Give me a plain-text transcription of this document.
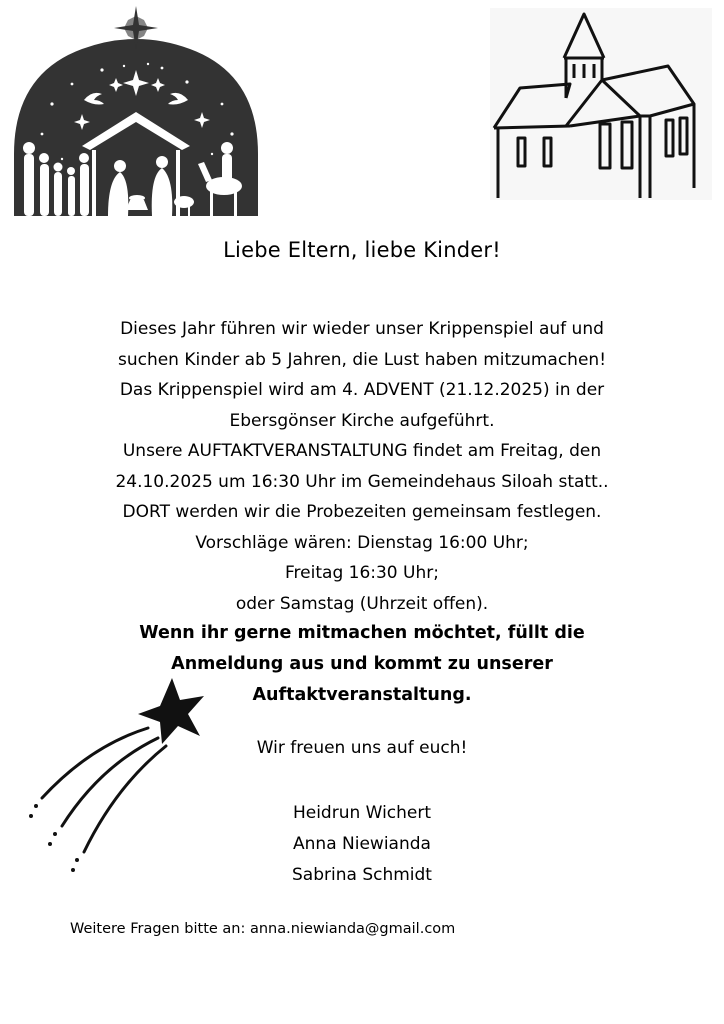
Liebe Eltern, liebe Kinder!
Dieses Jahr führen wir wieder unser Krippenspiel auf und
suchen Kinder ab 5 Jahren, die Lust haben mitzumachen!
Das Krippenspiel wird am 4. ADVENT (21.12.2025) in der
Ebersgönser Kirche aufgeführt.
Unsere AUFTAKTVERANSTALTUNG findet am Freitag, den
24.10.2025 um 16:30 Uhr im Gemeindehaus Siloah statt..
DORT werden wir die Probezeiten gemeinsam festlegen.
Vorschläge wären: Dienstag 16:00 Uhr;
Freitag 16:30 Uhr;
oder Samstag (Uhrzeit offen).
Wenn ihr gerne mitmachen möchtet, füllt die
Anmeldung aus und kommt zu unserer
Auftaktveranstaltung.
Wir freuen uns auf euch!
Heidrun Wichert
Anna Niewianda
Sabrina Schmidt
Weitere Fragen bitte an: anna.niewianda@gmail.com
